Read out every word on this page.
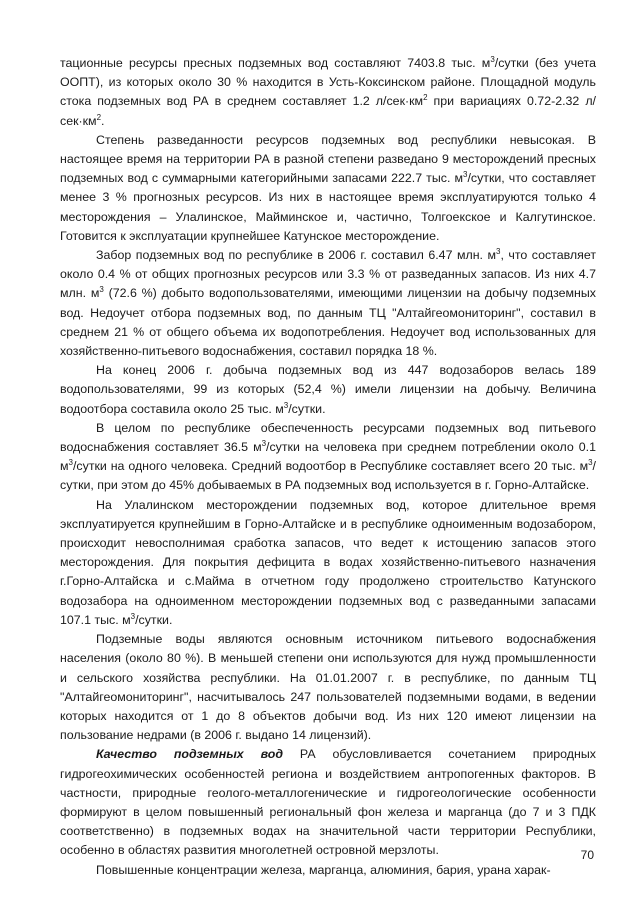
тационные ресурсы пресных подземных вод составляют 7403.8 тыс. $м^3$/сутки (без учета ООПТ), из которых около 30 % находится в Усть-Коксинском районе. Площадной модуль стока подземных вод РА в среднем составляет 1.2 $л/сек\cdot км^2$ при вариациях 0.72-2.32 $л/сек\cdot км^2$.

Степень разведанности ресурсов подземных вод республики невысокая. В настоящее время на территории РА в разной степени разведано 9 месторождений пресных подземных вод с суммарными категорийными запасами 222.7 тыс. $м^3$/сутки, что составляет менее 3 % прогнозных ресурсов. Из них в настоящее время эксплуатируются только 4 месторождения – Улалинское, Майминское и, частично, Толгоекское и Калгутинское. Готовится к эксплуатации крупнейшее Катунское месторождение.

Забор подземных вод по республике в 2006 г. составил 6.47 млн. $м^3$, что составляет около 0.4 % от общих прогнозных ресурсов или 3.3 % от разведанных запасов. Из них 4.7 млн. $м^3$ (72.6 %) добыто водопользователями, имеющими лицензии на добычу подземных вод. Недоучет отбора подземных вод, по данным ТЦ "Алтайгеомониторинг", составил в среднем 21 % от общего объема их водопотребления. Недоучет вод использованных для хозяйственно-питьевого водоснабжения, составил порядка 18 %.

На конец 2006 г. добыча подземных вод из 447 водозаборов велась 189 водопользователями, 99 из которых (52,4 %) имели лицензии на добычу. Величина водоотбора составила около 25 тыс. $м^3$/сутки.

В целом по республике обеспеченность ресурсами подземных вод питьевого водоснабжения составляет 36.5 $м^3$/сутки на человека при среднем потреблении около 0.1 $м^3$/сутки на одного человека. Средний водоотбор в Республике составляет всего 20 тыс. $м^3$/сутки, при этом до 45% добываемых в РА подземных вод используется в г. Горно-Алтайске.

На Улалинском месторождении подземных вод, которое длительное время эксплуатируется крупнейшим в Горно-Алтайске и в республике одноименным водозабором, происходит невосполнимая сработка запасов, что ведет к истощению запасов этого месторождения. Для покрытия дефицита в водах хозяйственно-питьевого назначения г.Горно-Алтайска и с.Майма в отчетном году продолжено строительство Катунского водозабора на одноименном месторождении подземных вод с разведанными запасами 107.1 тыс. $м^3$/сутки.

Подземные воды являются основным источником питьевого водоснабжения населения (около 80 %). В меньшей степени они используются для нужд промышленности и сельского хозяйства республики. На 01.01.2007 г. в республике, по данным ТЦ "Алтайгеомониторинг", насчитывалось 247 пользователей подземными водами, в ведении которых находится от 1 до 8 объектов добычи вод. Из них 120 имеют лицензии на пользование недрами (в 2006 г. выдано 14 лицензий).

Качество подземных вод РА обусловливается сочетанием природных гидрогеохимических особенностей региона и воздействием антропогенных факторов. В частности, природные геолого-металлогенические и гидрогеологические особенности формируют в целом повышенный региональный фон железа и марганца (до 7 и 3 ПДК соответственно) в подземных водах на значительной части территории Республики, особенно в областях развития многолетней островной мерзлоты.

Повышенные концентрации железа, марганца, алюминия, бария, урана харак-

70
